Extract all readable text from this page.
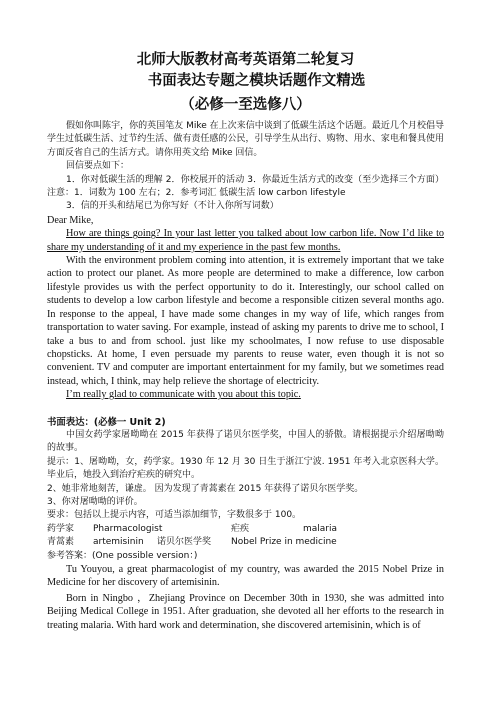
北师大版教材高考英语第二轮复习
书面表达专题之模块话题作文精选
（必修一至选修八）

假如你叫陈宇，你的英国笔友 Mike 在上次来信中谈到了低碳生活这个话题。最近几个月校倡导学生过低碳生活、过节约生活、做有责任感的公民，引导学生从出行、购物、用水、家电和餐具使用方面反省自己的生活方式。请你用英文给 Mike 回信。

回信要点如下：

1．你对低碳生活的理解 2．你校展开的活动 3．你最近生活方式的改变（至少选择三个方面）注意：1．词数为 100 左右；2．参考词汇 低碳生活 low carbon lifestyle

3．信的开头和结尾已为你写好（不计入你所写词数）

Dear Mike,

How are things going? In your last letter you talked about low carbon life. Now I’d like to share my understanding of it and my experience in the past few months.

With the environment problem coming into attention, it is extremely important that we take action to protect our planet. As more people are determined to make a difference, low carbon lifestyle provides us with the perfect opportunity to do it. Interestingly, our school called on students to develop a low carbon lifestyle and become a responsible citizen several months ago. In response to the appeal, I have made some changes in my way of life, which ranges from transportation to water saving. For example, instead of asking my parents to drive me to school, I take a bus to and from school. just like my schoolmates, I now refuse to use disposable chopsticks. At home, I even persuade my parents to reuse water, even though it is not so convenient. TV and computer are important entertainment for my family, but we sometimes read instead, which, I think, may help relieve the shortage of electricity.

I’m really glad to communicate with you about this topic.

书面表达：(必修一 Unit 2)

中国女药学家屠呦呦在 2015 年获得了诺贝尔医学奖，中国人的骄傲。请根据提示介绍屠呦呦的故事。

提示：1、屠呦呦，女，药学家。1930 年 12 月 30 日生于浙江宁波. 1951 年考入北京医科大学。毕业后，她投入到治疗疟疾的研究中。

2、她非常地刻苦，谦虚。 因为发现了青蒿素在 2015 年获得了诺贝尔医学奖。

3、你对屠呦呦的评价。

要求：包括以上提示内容，可适当添加细节，字数很多于 100。

药学家	Pharmacologist	疟疾	malaria
青蒿素	artemisinin	诺贝尔医学奖	Nobel Prize in medicine

参考答案：(One possible version：)

Tu Youyou, a great pharmacologist of my country, was awarded the 2015 Nobel Prize in Medicine for her discovery of artemisinin.

Born in Ningbo ，Zhejiang Province on December 30th in 1930, she was admitted into Beijing Medical College in 1951. After graduation, she devoted all her efforts to the research in treating malaria. With hard work and determination, she discovered artemisinin, which is of
